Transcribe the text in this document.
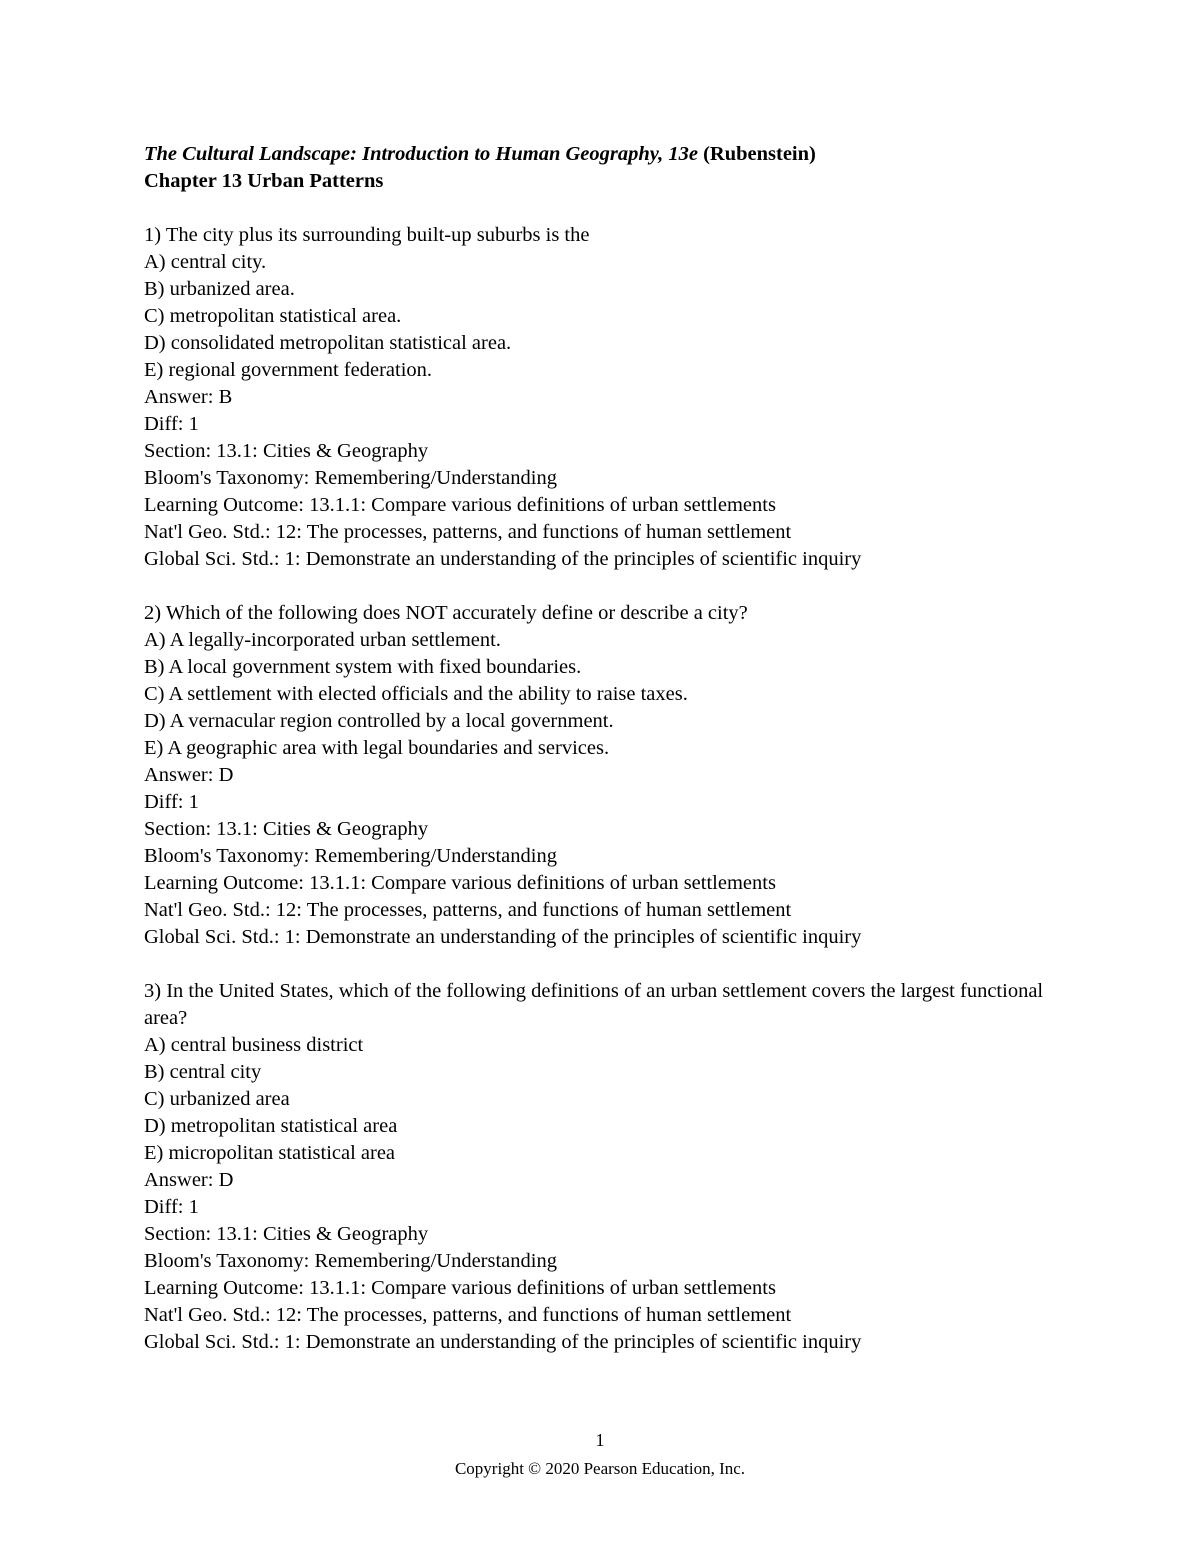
The Cultural Landscape: Introduction to Human Geography, 13e (Rubenstein)
Chapter 13 Urban Patterns
1) The city plus its surrounding built-up suburbs is the
A) central city.
B) urbanized area.
C) metropolitan statistical area.
D) consolidated metropolitan statistical area.
E) regional government federation.
Answer: B
Diff: 1
Section: 13.1: Cities & Geography
Bloom's Taxonomy: Remembering/Understanding
Learning Outcome: 13.1.1: Compare various definitions of urban settlements
Nat'l Geo. Std.: 12: The processes, patterns, and functions of human settlement
Global Sci. Std.: 1: Demonstrate an understanding of the principles of scientific inquiry
2) Which of the following does NOT accurately define or describe a city?
A) A legally-incorporated urban settlement.
B) A local government system with fixed boundaries.
C) A settlement with elected officials and the ability to raise taxes.
D) A vernacular region controlled by a local government.
E) A geographic area with legal boundaries and services.
Answer: D
Diff: 1
Section: 13.1: Cities & Geography
Bloom's Taxonomy: Remembering/Understanding
Learning Outcome: 13.1.1: Compare various definitions of urban settlements
Nat'l Geo. Std.: 12: The processes, patterns, and functions of human settlement
Global Sci. Std.: 1: Demonstrate an understanding of the principles of scientific inquiry
3) In the United States, which of the following definitions of an urban settlement covers the largest functional area?
A) central business district
B) central city
C) urbanized area
D) metropolitan statistical area
E) micropolitan statistical area
Answer: D
Diff: 1
Section: 13.1: Cities & Geography
Bloom's Taxonomy: Remembering/Understanding
Learning Outcome: 13.1.1: Compare various definitions of urban settlements
Nat'l Geo. Std.: 12: The processes, patterns, and functions of human settlement
Global Sci. Std.: 1: Demonstrate an understanding of the principles of scientific inquiry
1
Copyright © 2020 Pearson Education, Inc.
